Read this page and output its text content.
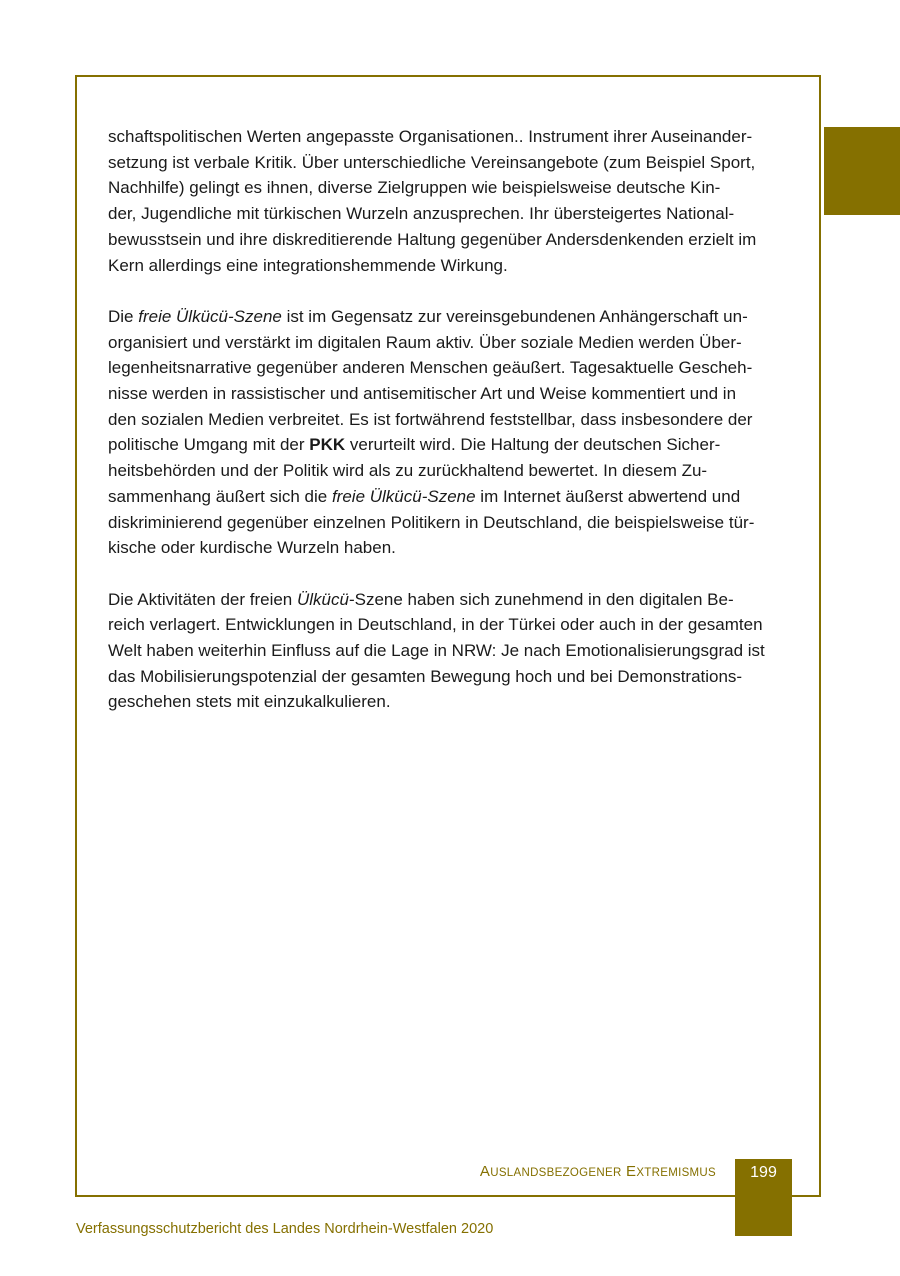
schaftspolitischen Werten angepasste Organisationen.. Instrument ihrer Auseinander-
setzung ist verbale Kritik. Über unterschiedliche Vereinsangebote (zum Beispiel Sport,
Nachhilfe) gelingt es ihnen, diverse Zielgruppen wie beispielsweise deutsche Kin-
der, Jugendliche mit türkischen Wurzeln anzusprechen. Ihr übersteigertes National-
bewusstsein und ihre diskreditierende Haltung gegenüber Andersdenkenden erzielt im
Kern allerdings eine integrationshemmende Wirkung.
Die freie Ülkücü-Szene ist im Gegensatz zur vereinsgebundenen Anhängerschaft un-
organisiert und verstärkt im digitalen Raum aktiv. Über soziale Medien werden Über-
legenheitsnarrative gegenüber anderen Menschen geäußert. Tagesaktuelle Gescheh-
nisse werden in rassistischer und antisemitischer Art und Weise kommentiert und in
den sozialen Medien verbreitet. Es ist fortwährend feststellbar, dass insbesondere der
politische Umgang mit der PKK verurteilt wird. Die Haltung der deutschen Sicher-
heitsbehörden und der Politik wird als zu zurückhaltend bewertet. In diesem Zu-
sammenhang äußert sich die freie Ülkücü-Szene im Internet äußerst abwertend und
diskriminierend gegenüber einzelnen Politikern in Deutschland, die beispielsweise tür-
kische oder kurdische Wurzeln haben.
Die Aktivitäten der freien Ülkücü-Szene haben sich zunehmend in den digitalen Be-
reich verlagert. Entwicklungen in Deutschland, in der Türkei oder auch in der gesamten
Welt haben weiterhin Einfluss auf die Lage in NRW: Je nach Emotionalisierungsgrad ist
das Mobilisierungspotenzial der gesamten Bewegung hoch und bei Demonstrations-
geschehen stets mit einzukalkulieren.
AUSLANDSBEZOGENER EXTREMISMUS	199
Verfassungsschutzbericht des Landes Nordrhein-Westfalen 2020
